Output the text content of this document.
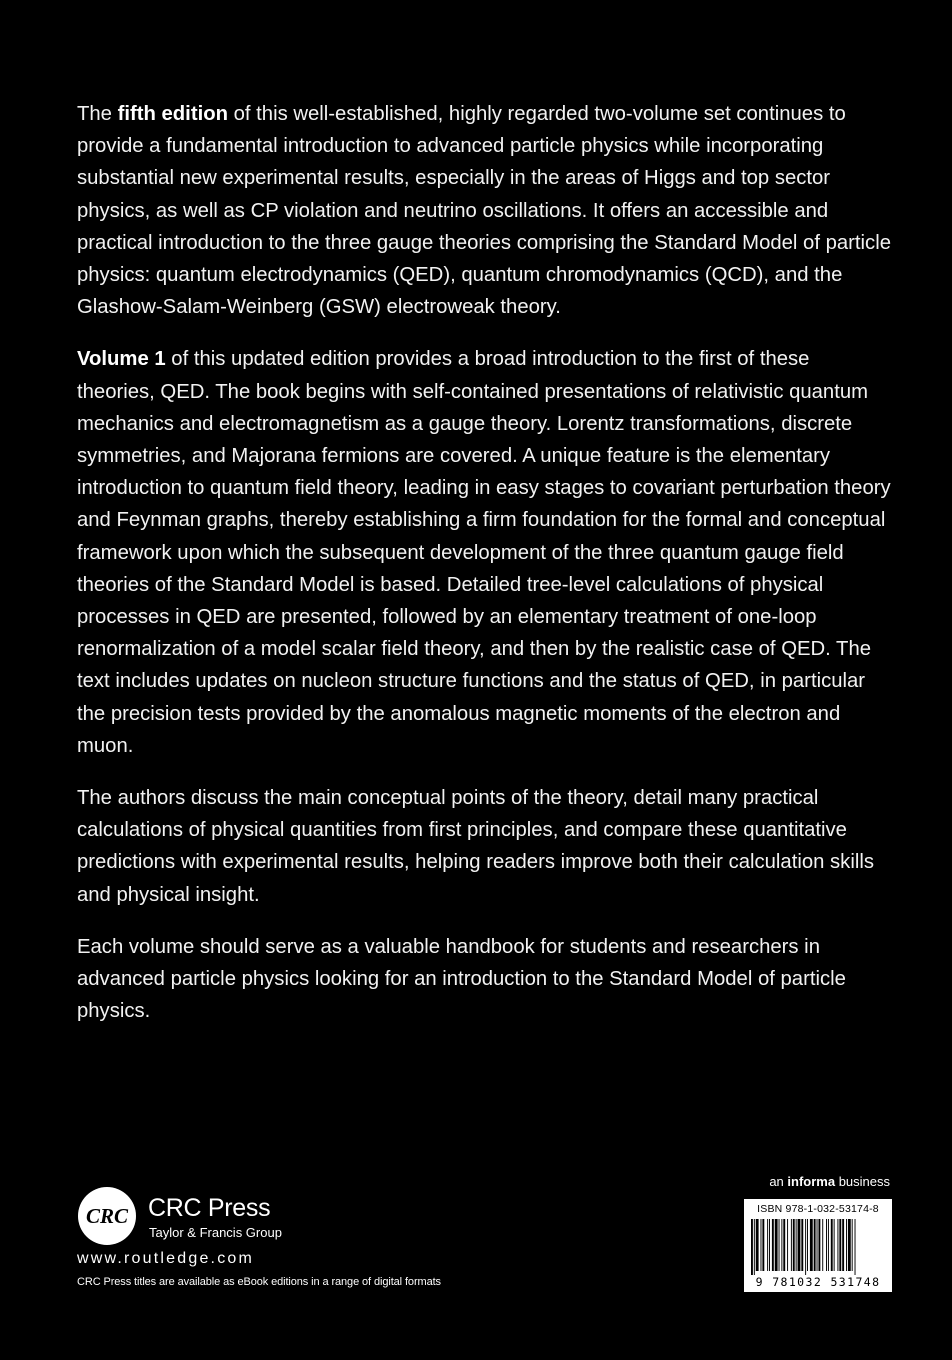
The fifth edition of this well-established, highly regarded two-volume set continues to provide a fundamental introduction to advanced particle physics while incorporating substantial new experimental results, especially in the areas of Higgs and top sector physics, as well as CP violation and neutrino oscillations. It offers an accessible and practical introduction to the three gauge theories comprising the Standard Model of particle physics: quantum electrodynamics (QED), quantum chromodynamics (QCD), and the Glashow-Salam-Weinberg (GSW) electroweak theory.

Volume 1 of this updated edition provides a broad introduction to the first of these theories, QED. The book begins with self-contained presentations of relativistic quantum mechanics and electromagnetism as a gauge theory. Lorentz transformations, discrete symmetries, and Majorana fermions are covered. A unique feature is the elementary introduction to quantum field theory, leading in easy stages to covariant perturbation theory and Feynman graphs, thereby establishing a firm foundation for the formal and conceptual framework upon which the subsequent development of the three quantum gauge field theories of the Standard Model is based. Detailed tree-level calculations of physical processes in QED are presented, followed by an elementary treatment of one-loop renormalization of a model scalar field theory, and then by the realistic case of QED. The text includes updates on nucleon structure functions and the status of QED, in particular the precision tests provided by the anomalous magnetic moments of the electron and muon.

The authors discuss the main conceptual points of the theory, detail many practical calculations of physical quantities from first principles, and compare these quantitative predictions with experimental results, helping readers improve both their calculation skills and physical insight.

Each volume should serve as a valuable handbook for students and researchers in advanced particle physics looking for an introduction to the Standard Model of particle physics.

CRC CRC Press
Taylor & Francis Group
www.routledge.com
CRC Press titles are available as eBook editions in a range of digital formats
an informa business
ISBN 978-1-032-53174-8
9 781032 531748
